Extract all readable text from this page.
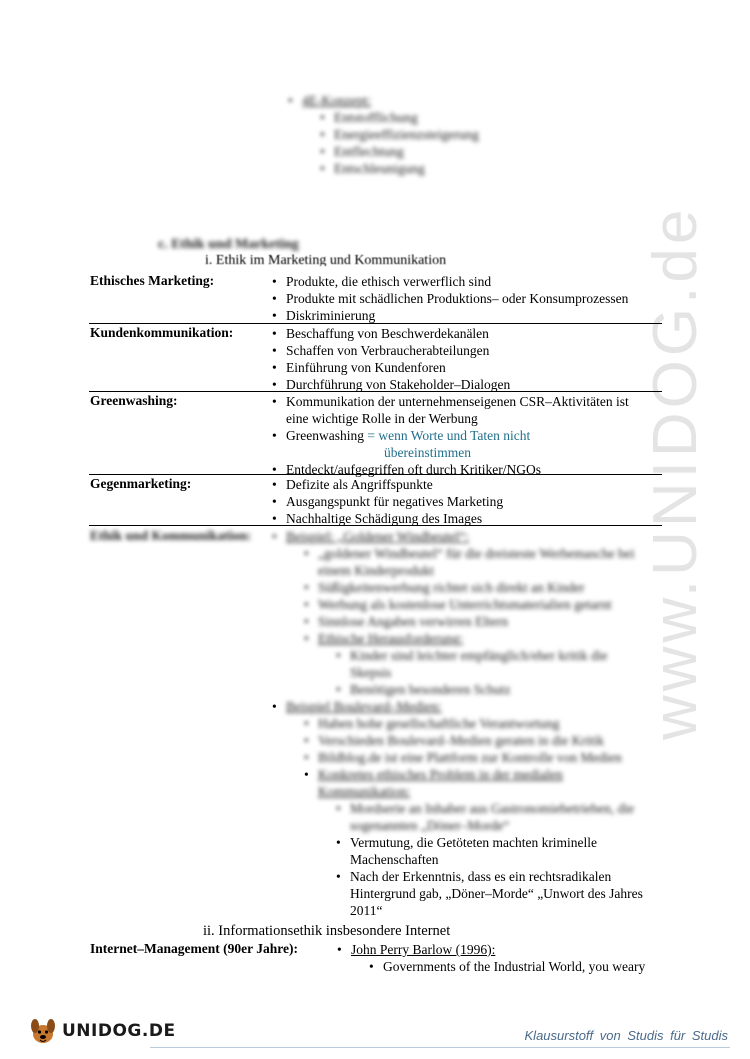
www.UNIDOG.de
• 4E-Konzept:
• Entstofflichung
• Energieeffizienzsteigerung
• Entflechtung
• Entschleunigung
c. Ethik und Marketing
i. Ethik im Marketing und Kommunikation
Ethisches Marketing:	• Produkte, die ethisch verwerflich sind
• Produkte mit schädlichen Produktions– oder Konsumprozessen
• Diskriminierung
Kundenkommunikation:	• Beschaffung von Beschwerdekanälen
• Schaffen von Verbraucherabteilungen
• Einführung von Kundenforen
• Durchführung von Stakeholder–Dialogen
Greenwashing:	• Kommunikation der unternehmenseigenen CSR–Aktivitäten ist eine wichtige Rolle in der Werbung
• Greenwashing = wenn Worte und Taten nicht
übereinstimmen
• Entdeckt/aufgegriffen oft durch Kritiker/NGOs
Gegenmarketing:	• Defizite als Angriffspunkte
• Ausgangspunkt für negatives Marketing
• Nachhaltige Schädigung des Images
Ethik und Kommunikation:	• Beispiel: „Goldener Windbeutel“:
• „goldener Windbeutel“ für die dreisteste Werbemasche bei einem Kinderprodukt
• Süßigkeitenwerbung richtet sich direkt an Kinder
• Werbung als kostenlose Unterrichtsmaterialien getarnt
• Sinnlose Angaben verwirren Eltern
• Ethische Herausforderung:
• Kinder sind leichter empfänglich/eher kritik die Skepsis
• Benötigen besonderen Schutz
• Beispiel Boulevard–Medien:
• Haben hohe gesellschaftliche Verantwortung
• Verschieden Boulevard–Medien geraten in die Kritik
• Bildblog.de ist eine Plattform zur Kontrolle von Medien
• Konkretes ethisches Problem in der medialen Kommunikation:
• Mordserie an Inhaber aus Gastronomiebetrieben, die sogenannten „Döner–Morde“
• Vermutung, die Getöteten machten kriminelle Machenschaften
• Nach der Erkenntnis, dass es ein rechtsradikalen Hintergrund gab, „Döner–Morde“ „Unwort des Jahres 2011“
ii. Informationsethik insbesondere Internet
Internet–Management (90er Jahre):	• John Perry Barlow (1996):
• Governments of the Industrial World, you weary
UNIDOG.DE	Klausurstoff von Studis für Studis
